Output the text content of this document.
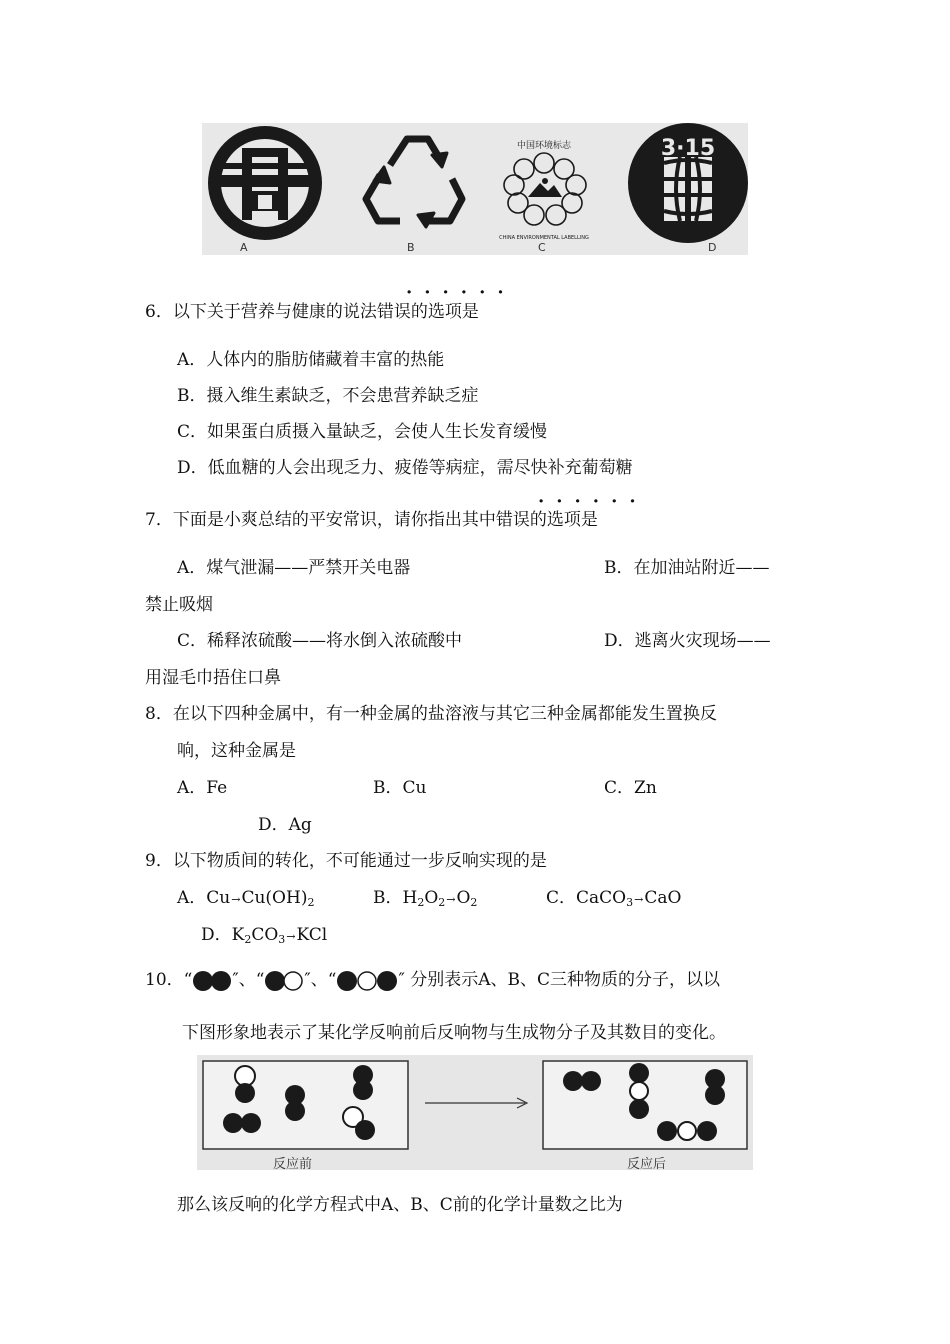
中国环境标志
CHINA ENVIRONMENTAL LABELLING
3·15
A	B	C	D
······
6．以下关于营养与健康的说法错误的选项是
A．人体内的脂肪储藏着丰富的热能
B．摄入维生素缺乏，不会患营养缺乏症
C．如果蛋白质摄入量缺乏，会使人生长发育缓慢
D．低血糖的人会出现乏力、疲倦等病症，需尽快补充葡萄糖
······
7．下面是小爽总结的平安常识，请你指出其中错误的选项是
A．煤气泄漏——严禁开关电器	B．在加油站附近——
禁止吸烟
C．稀释浓硫酸——将水倒入浓硫酸中	D．逃离火灾现场——
用湿毛巾捂住口鼻
8．在以下四种金属中，有一种金属的盐溶液与其它三种金属都能发生置换反
响，这种金属是
A．Fe	B．Cu	C．Zn
D．Ag
9．以下物质间的转化，不可能通过一步反响实现的是
A．$Cu\to Cu(OH)_2$	B．$H_2O_2\to O_2$	C．CaCO$_3$→CaO
D．$K_2CO_3\to KCl$
10．“ ″、“ ″、“	″ 分别表示A、B、C三种物质的分子，以以
下图形象地表示了某化学反响前后反响物与生成物分子及其数目的变化。
反应前	反应后
那么该反响的化学方程式中A、B、C前的化学计量数之比为
